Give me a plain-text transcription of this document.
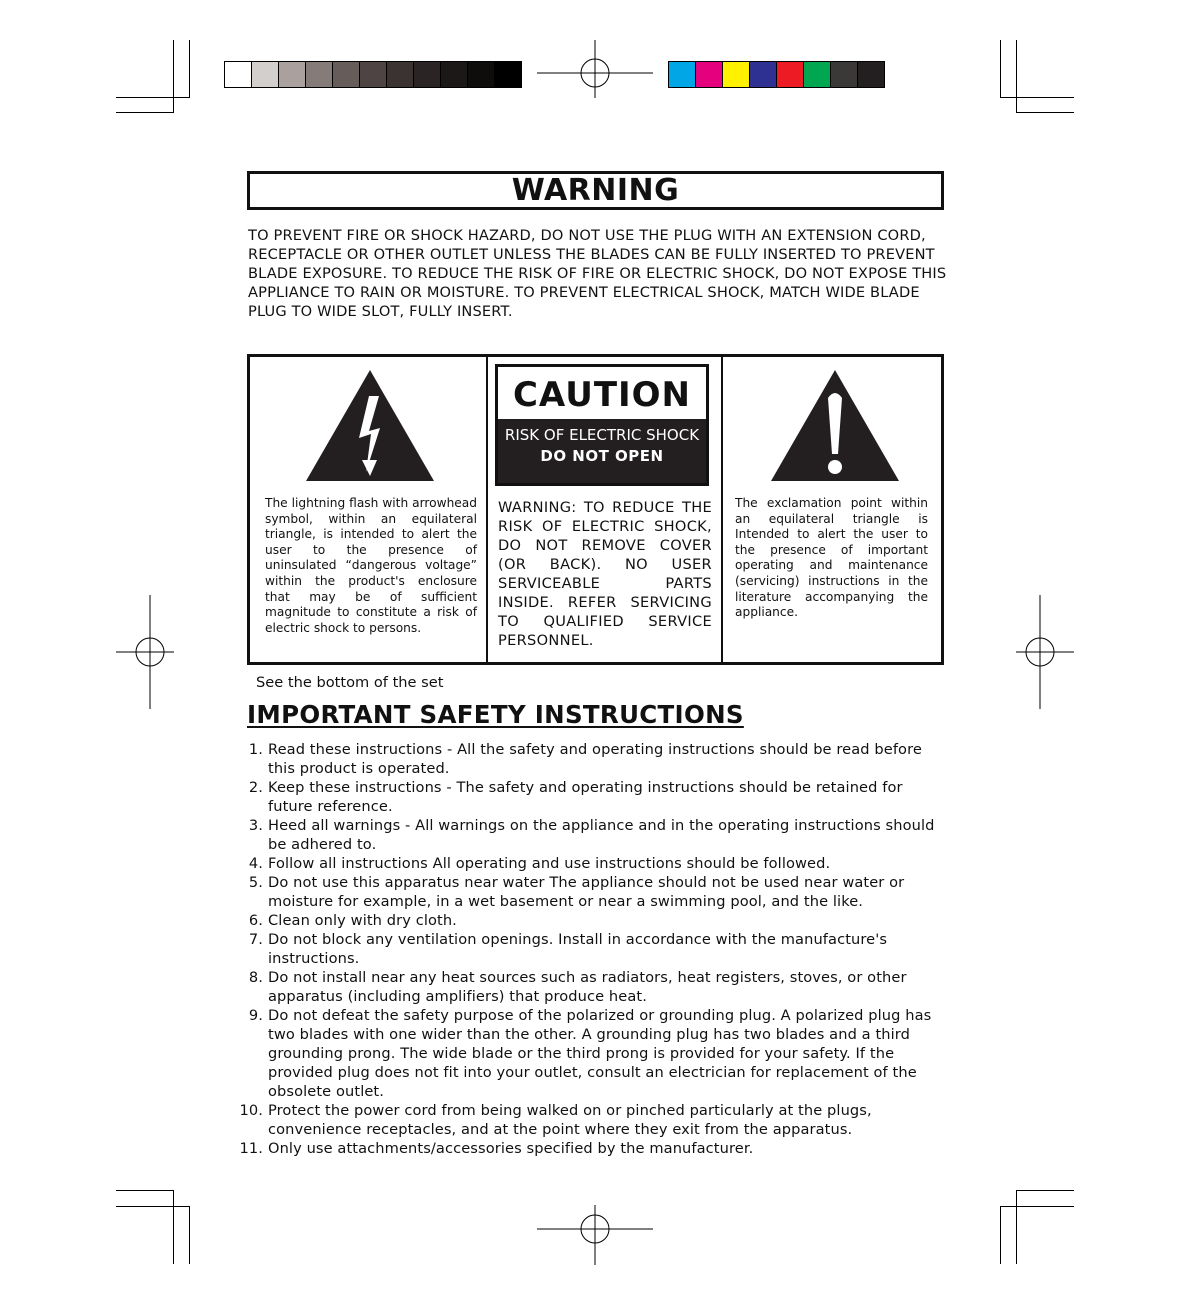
WARNING
TO PREVENT FIRE OR SHOCK HAZARD, DO NOT USE THE PLUG WITH AN EXTENSION CORD, RECEPTACLE OR OTHER OUTLET UNLESS THE BLADES CAN BE FULLY INSERTED TO PREVENT BLADE EXPOSURE. TO REDUCE THE RISK OF FIRE OR ELECTRIC SHOCK, DO NOT EXPOSE THIS APPLIANCE TO RAIN OR MOISTURE. TO PREVENT ELECTRICAL SHOCK, MATCH WIDE BLADE PLUG TO WIDE SLOT, FULLY INSERT.
The lightning flash with arrowhead symbol, within an equilateral triangle, is intended to alert the user to the presence of uninsulated “dangerous voltage” within the product's enclosure that may be of sufficient magnitude to constitute a risk of electric shock to persons.
CAUTION
RISK OF ELECTRIC SHOCK
DO NOT OPEN
WARNING: TO REDUCE THE RISK OF ELECTRIC SHOCK, DO NOT REMOVE COVER (OR BACK). NO USER SERVICEABLE PARTS INSIDE. REFER SERVICING TO QUALIFIED SERVICE PERSONNEL.
The exclamation point within an equilateral triangle is Intended to alert the user to the presence of important operating and maintenance (servicing) instructions in the literature accompanying the appliance.
See the bottom of the set
IMPORTANT SAFETY INSTRUCTIONS
1. Read these instructions - All the safety and operating instructions should be read before this product is operated.
2. Keep these instructions - The safety and operating instructions should be retained for future reference.
3. Heed all warnings - All warnings on the appliance and in the operating instructions should be adhered to.
4. Follow all instructions All operating and use instructions should be followed.
5. Do not use this apparatus near water The appliance should not be used near water or moisture for example, in a wet basement or near a swimming pool, and the like.
6. Clean only with dry cloth.
7. Do not block any ventilation openings. Install in accordance with the manufacture's instructions.
8. Do not install near any heat sources such as radiators, heat registers, stoves, or other apparatus (including amplifiers) that produce heat.
9. Do not defeat the safety purpose of the polarized or grounding plug. A polarized plug has two blades with one wider than the other. A grounding plug has two blades and a third grounding prong. The wide blade or the third prong is provided for your safety. If the provided plug does not fit into your outlet, consult an electrician for replacement of the obsolete outlet.
10. Protect the power cord from being walked on or pinched particularly at the plugs, convenience receptacles, and at the point where they exit from the apparatus.
11. Only use attachments/accessories specified by the manufacturer.
